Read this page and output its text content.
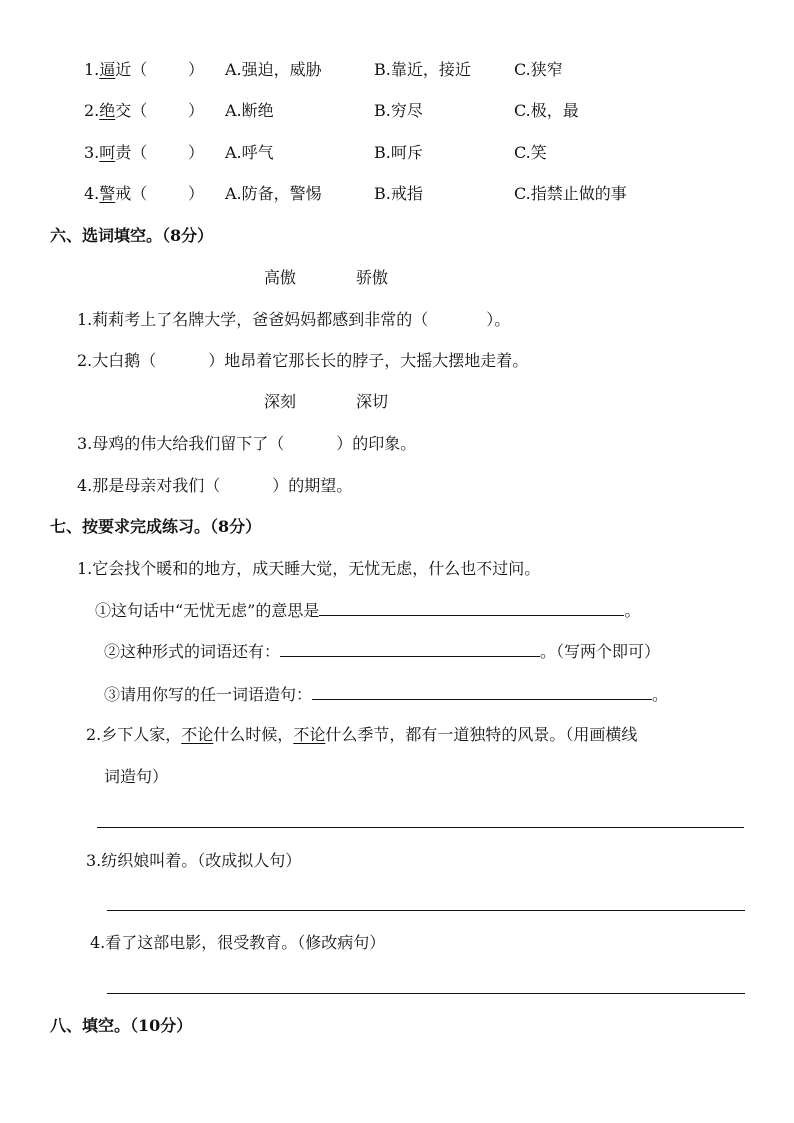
1.逼近（	） A.强迫，威胁	B.靠近，接近	C.狭窄
2.绝交（	） A.断绝	B.穷尽	C.极，最
3.呵责（	） A.呼气	B.呵斥	C.笑
4.警戒（	） A.防备，警惕	B.戒指	C.指禁止做的事
六、选词填空。（8分）
高傲	骄傲
1.莉莉考上了名牌大学，爸爸妈妈都感到非常的（	）。
2.大白鹅（	）地昂着它那长长的脖子，大摇大摆地走着。
深刻	深切
3.母鸡的伟大给我们留下了（	）的印象。
4.那是母亲对我们（	）的期望。
七、按要求完成练习。（8分）
1.它会找个暖和的地方，成天睡大觉，无忧无虑，什么也不过问。
①这句话中“无忧无虑”的意思是	。
②这种形式的词语还有：	。（写两个即可）
③请用你写的任一词语造句：	。
2.乡下人家，不论什么时候，不论什么季节，都有一道独特的风景。（用画横线
词造句）
3.纺织娘叫着。（改成拟人句）
4.看了这部电影，很受教育。（修改病句）
八、填空。（10分）
